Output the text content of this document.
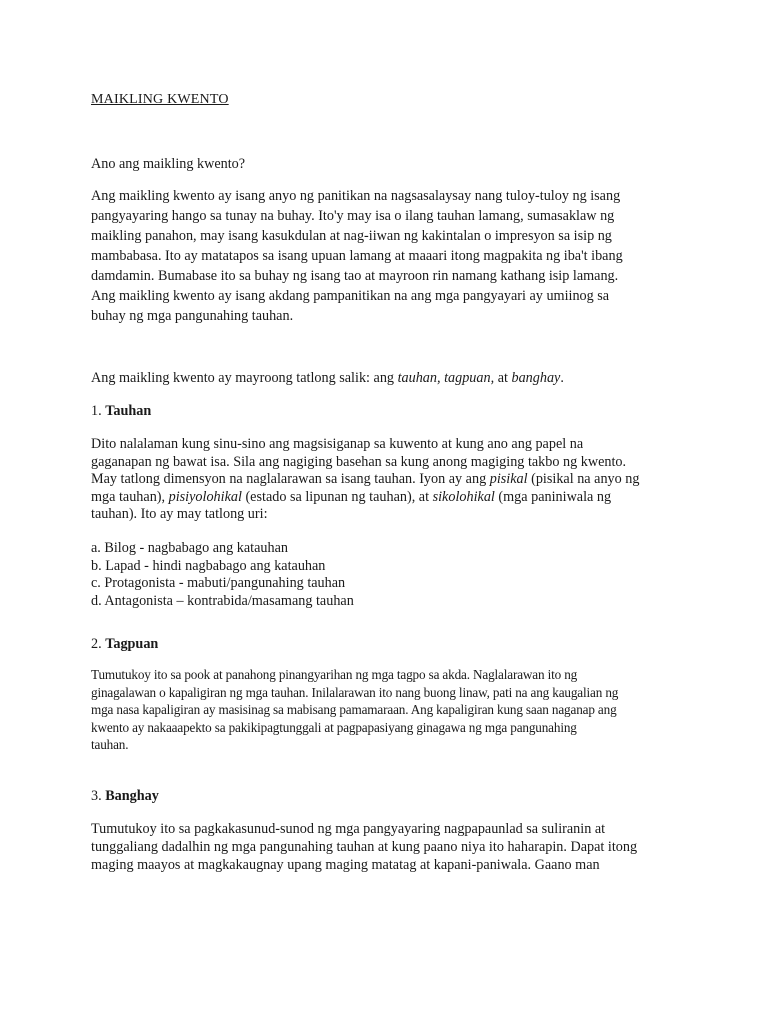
MAIKLING KWENTO
Ano ang maikling kwento?
Ang maikling kwento ay isang anyo ng panitikan na nagsasalaysay nang tuloy-tuloy ng isang
pangyayaring hango sa tunay na buhay. Ito'y may isa o ilang tauhan lamang, sumasaklaw ng
maikling panahon, may isang kasukdulan at nag-iiwan ng kakintalan o impresyon sa isip ng
mambabasa. Ito ay matatapos sa isang upuan lamang at maaari itong magpakita ng iba't ibang
damdamin. Bumabase ito sa buhay ng isang tao at mayroon rin namang kathang isip lamang.
Ang maikling kwento ay isang akdang pampanitikan na ang mga pangyayari ay umiinog sa
buhay ng mga pangunahing tauhan.
Ang maikling kwento ay mayroong tatlong salik: ang tauhan, tagpuan, at banghay.
1. Tauhan
Dito nalalaman kung sinu-sino ang magsisiganap sa kuwento at kung ano ang papel na
gaganapan ng bawat isa. Sila ang nagiging basehan sa kung anong magiging takbo ng kwento.
May tatlong dimensyon na naglalarawan sa isang tauhan. Iyon ay ang pisikal (pisikal na anyo ng
mga tauhan), pisiyolohikal (estado sa lipunan ng tauhan), at sikolohikal (mga paniniwala ng
tauhan). Ito ay may tatlong uri:
a. Bilog - nagbabago ang katauhan
b. Lapad - hindi nagbabago ang katauhan
c. Protagonista - mabuti/pangunahing tauhan
d. Antagonista – kontrabida/masamang tauhan
2. Tagpuan
Tumutukoy ito sa pook at panahong pinangyarihan ng mga tagpo sa akda. Naglalarawan ito ng
ginagalawan o kapaligiran ng mga tauhan. Inilalarawan ito nang buong linaw, pati na ang kaugalian ng
mga nasa kapaligiran ay masisinag sa mabisang pamamaraan. Ang kapaligiran kung saan naganap ang
kwento ay nakaaapekto sa pakikipagtunggali at pagpapasiyang ginagawa ng mga pangunahing
tauhan.
3. Banghay
Tumutukoy ito sa pagkakasunud-sunod ng mga pangyayaring nagpapaunlad sa suliranin at
tunggaliang dadalhin ng mga pangunahing tauhan at kung paano niya ito haharapin. Dapat itong
maging maayos at magkakaugnay upang maging matatag at kapani-paniwala. Gaano man
